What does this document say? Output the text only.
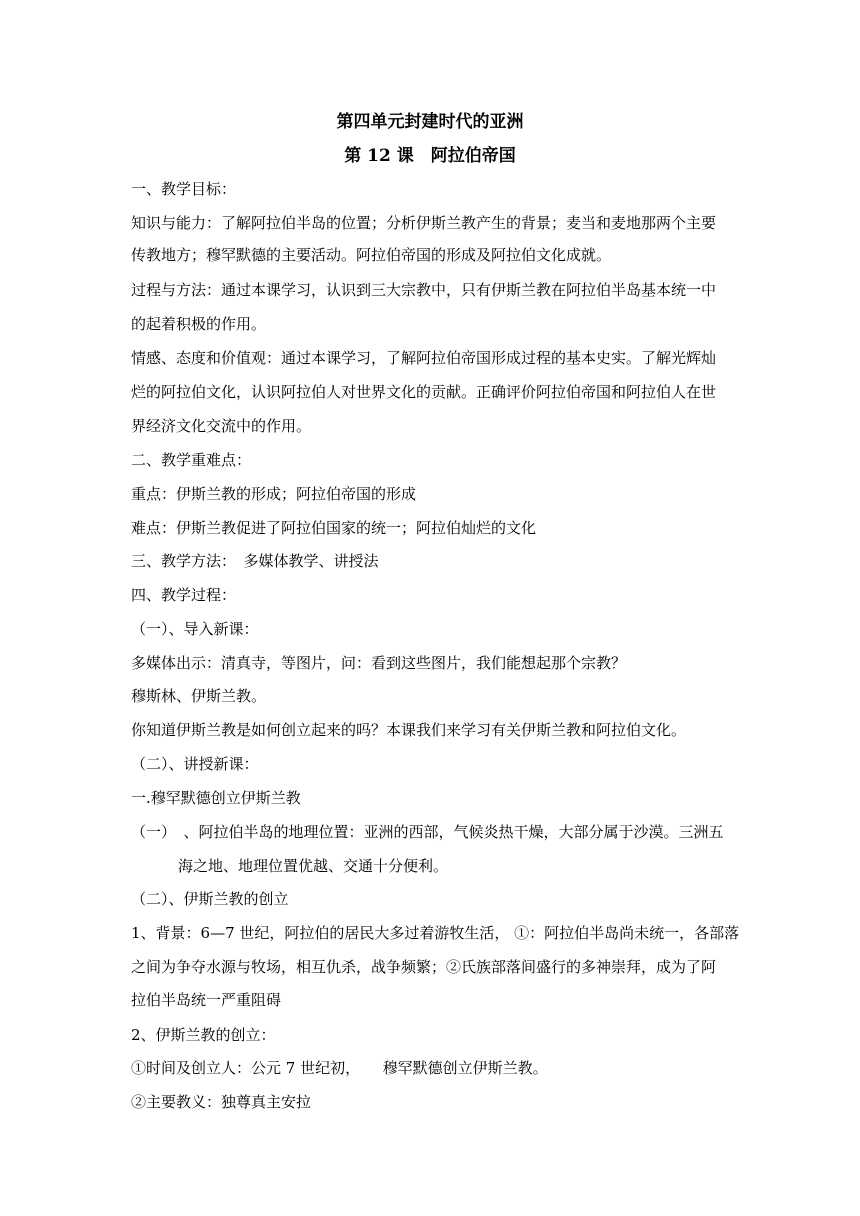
第四单元封建时代的亚洲
第 12 课　阿拉伯帝国
一、教学目标：
知识与能力：了解阿拉伯半岛的位置；分析伊斯兰教产生的背景；麦当和麦地那两个主要
传教地方；穆罕默德的主要活动。阿拉伯帝国的形成及阿拉伯文化成就。
过程与方法：通过本课学习，认识到三大宗教中，只有伊斯兰教在阿拉伯半岛基本统一中
的起着积极的作用。
情感、态度和价值观：通过本课学习，了解阿拉伯帝国形成过程的基本史实。了解光辉灿
烂的阿拉伯文化，认识阿拉伯人对世界文化的贡献。正确评价阿拉伯帝国和阿拉伯人在世
界经济文化交流中的作用。
二、教学重难点：
重点：伊斯兰教的形成；阿拉伯帝国的形成
难点：伊斯兰教促进了阿拉伯国家的统一；阿拉伯灿烂的文化
三、教学方法：　多媒体教学、讲授法
四、教学过程：
（一）、导入新课：
多媒体出示：清真寺，等图片，问：看到这些图片，我们能想起那个宗教？
穆斯林、伊斯兰教。
你知道伊斯兰教是如何创立起来的吗？本课我们来学习有关伊斯兰教和阿拉伯文化。
（二）、讲授新课：
一.穆罕默德创立伊斯兰教
（一）　、阿拉伯半岛的地理位置：亚洲的西部，气候炎热干燥，大部分属于沙漠。三洲五
海之地、地理位置优越、交通十分便利。
（二）、伊斯兰教的创立
1、背景：6—7 世纪，阿拉伯的居民大多过着游牧生活， ①：阿拉伯半岛尚未统一，各部落
之间为争夺水源与牧场，相互仇杀，战争频繁；②氏族部落间盛行的多神崇拜，成为了阿
拉伯半岛统一严重阻碍
2、伊斯兰教的创立：
①时间及创立人：公元 7 世纪初，　　穆罕默德创立伊斯兰教。
②主要教义：独尊真主安拉
